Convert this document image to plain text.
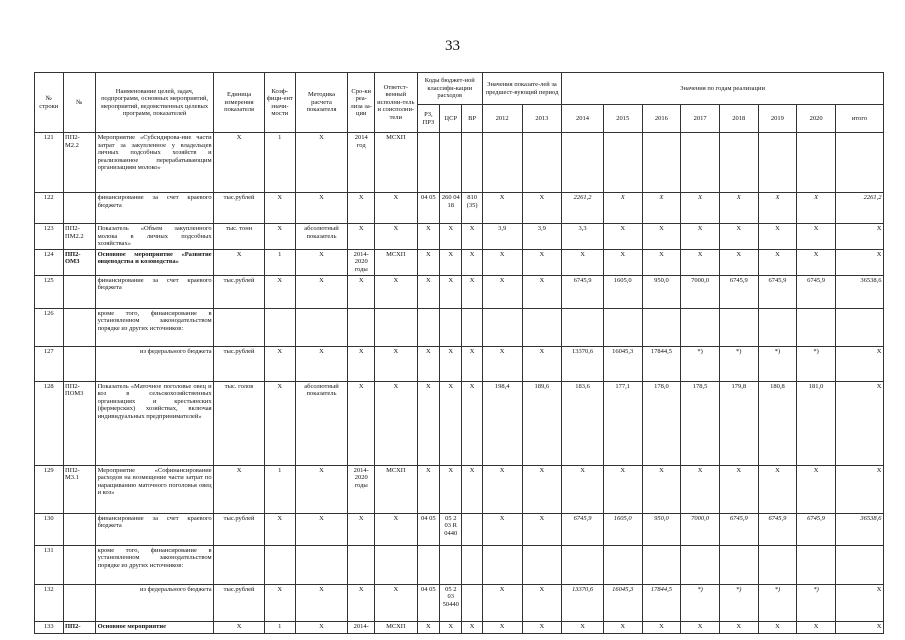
33
№ строки	№	Наименование целей, задач, подпрограмм, основных мероприятий, мероприятий, ведомственных целевых программ, показателей	Единица измерения показателя	Коэф-фици-ент значи-мости	Методика расчета показателя	Сро-ки реа-лиза за-ции	Ответст-венный исполни-тель и соисполни-тели	Коды бюджет-ной классифи-кации расходов			Значения показате-лей за предшест-вующий период		Значения по годам реализации							
								РЗ, ПРЗ	ЦСР	ВР	2012	2013	2014	2015	2016	2017	2018	2019	2020	итого
121	ПП2-М2.2	Мероприятие «Субсидирова-ние части затрат за закупленное у владельцев личных подсобных хозяйств и реализованное перерабатывающим организациям молоко»	X	1	X	2014 год	МСХП													
122		финансирование за счет краевого бюджета	тыс.рублей	X	X	X	X	04 05	260 04 18	810 (35)	X	X	2261,2	X	X	X	X	X	X	2261,2
123	ПП2-ПМ2.2	Показатель «Объем закупленного молока в личных подсобных хозяйствах»	тыс. тонн	X	абсолютный показатель	X	X	X	X	X	3,9	3,9	3,3	X	X	X	X	X	X	X
124	ПП2-ОМ3	Основное мероприятие «Развитие овцеводства и козоводства»	X	1	X	2014-2020 годы	МСХП	X	X	X	X	X	X	X	X	X	X	X	X	X
125		финансирование за счет краевого бюджета	тыс.рублей	X	X	X	X	X	X	X	X	X	6745,9	1605,0	950,0	7000,0	6745,9	6745,9	6745,9	36538,6
126		кроме того, финансирование в установленном законодательством порядке из других источников:																		
127		из федерального бюджета	тыс.рублей	X	X	X	X	X	X	X	X	X	13370,6	16045,3	17844,5	*)	*)	*)	*)	X
128	ПП2-ПОМ3	Показатель «Маточное поголовье овец и коз в сельскохозяйственных организациях и крестьянских (фермерских) хозяйствах, включая индивидуальных предпринимателей»	тыс. голов	X	абсолютный показатель	X	X	X	X	X	198,4	189,6	183,6	177,1	178,0	178,5	179,8	180,8	181,0	X
129	ПП2-М3.1	Мероприятие «Софинансирование расходов на возмещение части затрат по наращиванию маточного поголовья овец и коз»	X	1	X	2014-2020 годы	МСХП	X	X	X	X	X	X	X	X	X	X	X	X	X
130		финансирование за счет краевого бюджета	тыс.рублей	X	X	X	X	04 05	05 2 03 R 0440		X	X	6745,9	1605,0	950,0	7000,0	6745,9	6745,9	6745,9	36538,6
131		кроме того, финансирование в установленном законодательством порядке из других источников:																		
132		из федерального бюджета	тыс.рублей	X	X	X	X	04 05	05 2 03 50440		X	X	13370,6	16045,3	17844,5	*)	*)	*)	*)	X
133	ПП2-	Основное мероприятие	X	1	X	2014-	МСХП	X	X	X	X	X	X	X	X	X	X	X	X	X
